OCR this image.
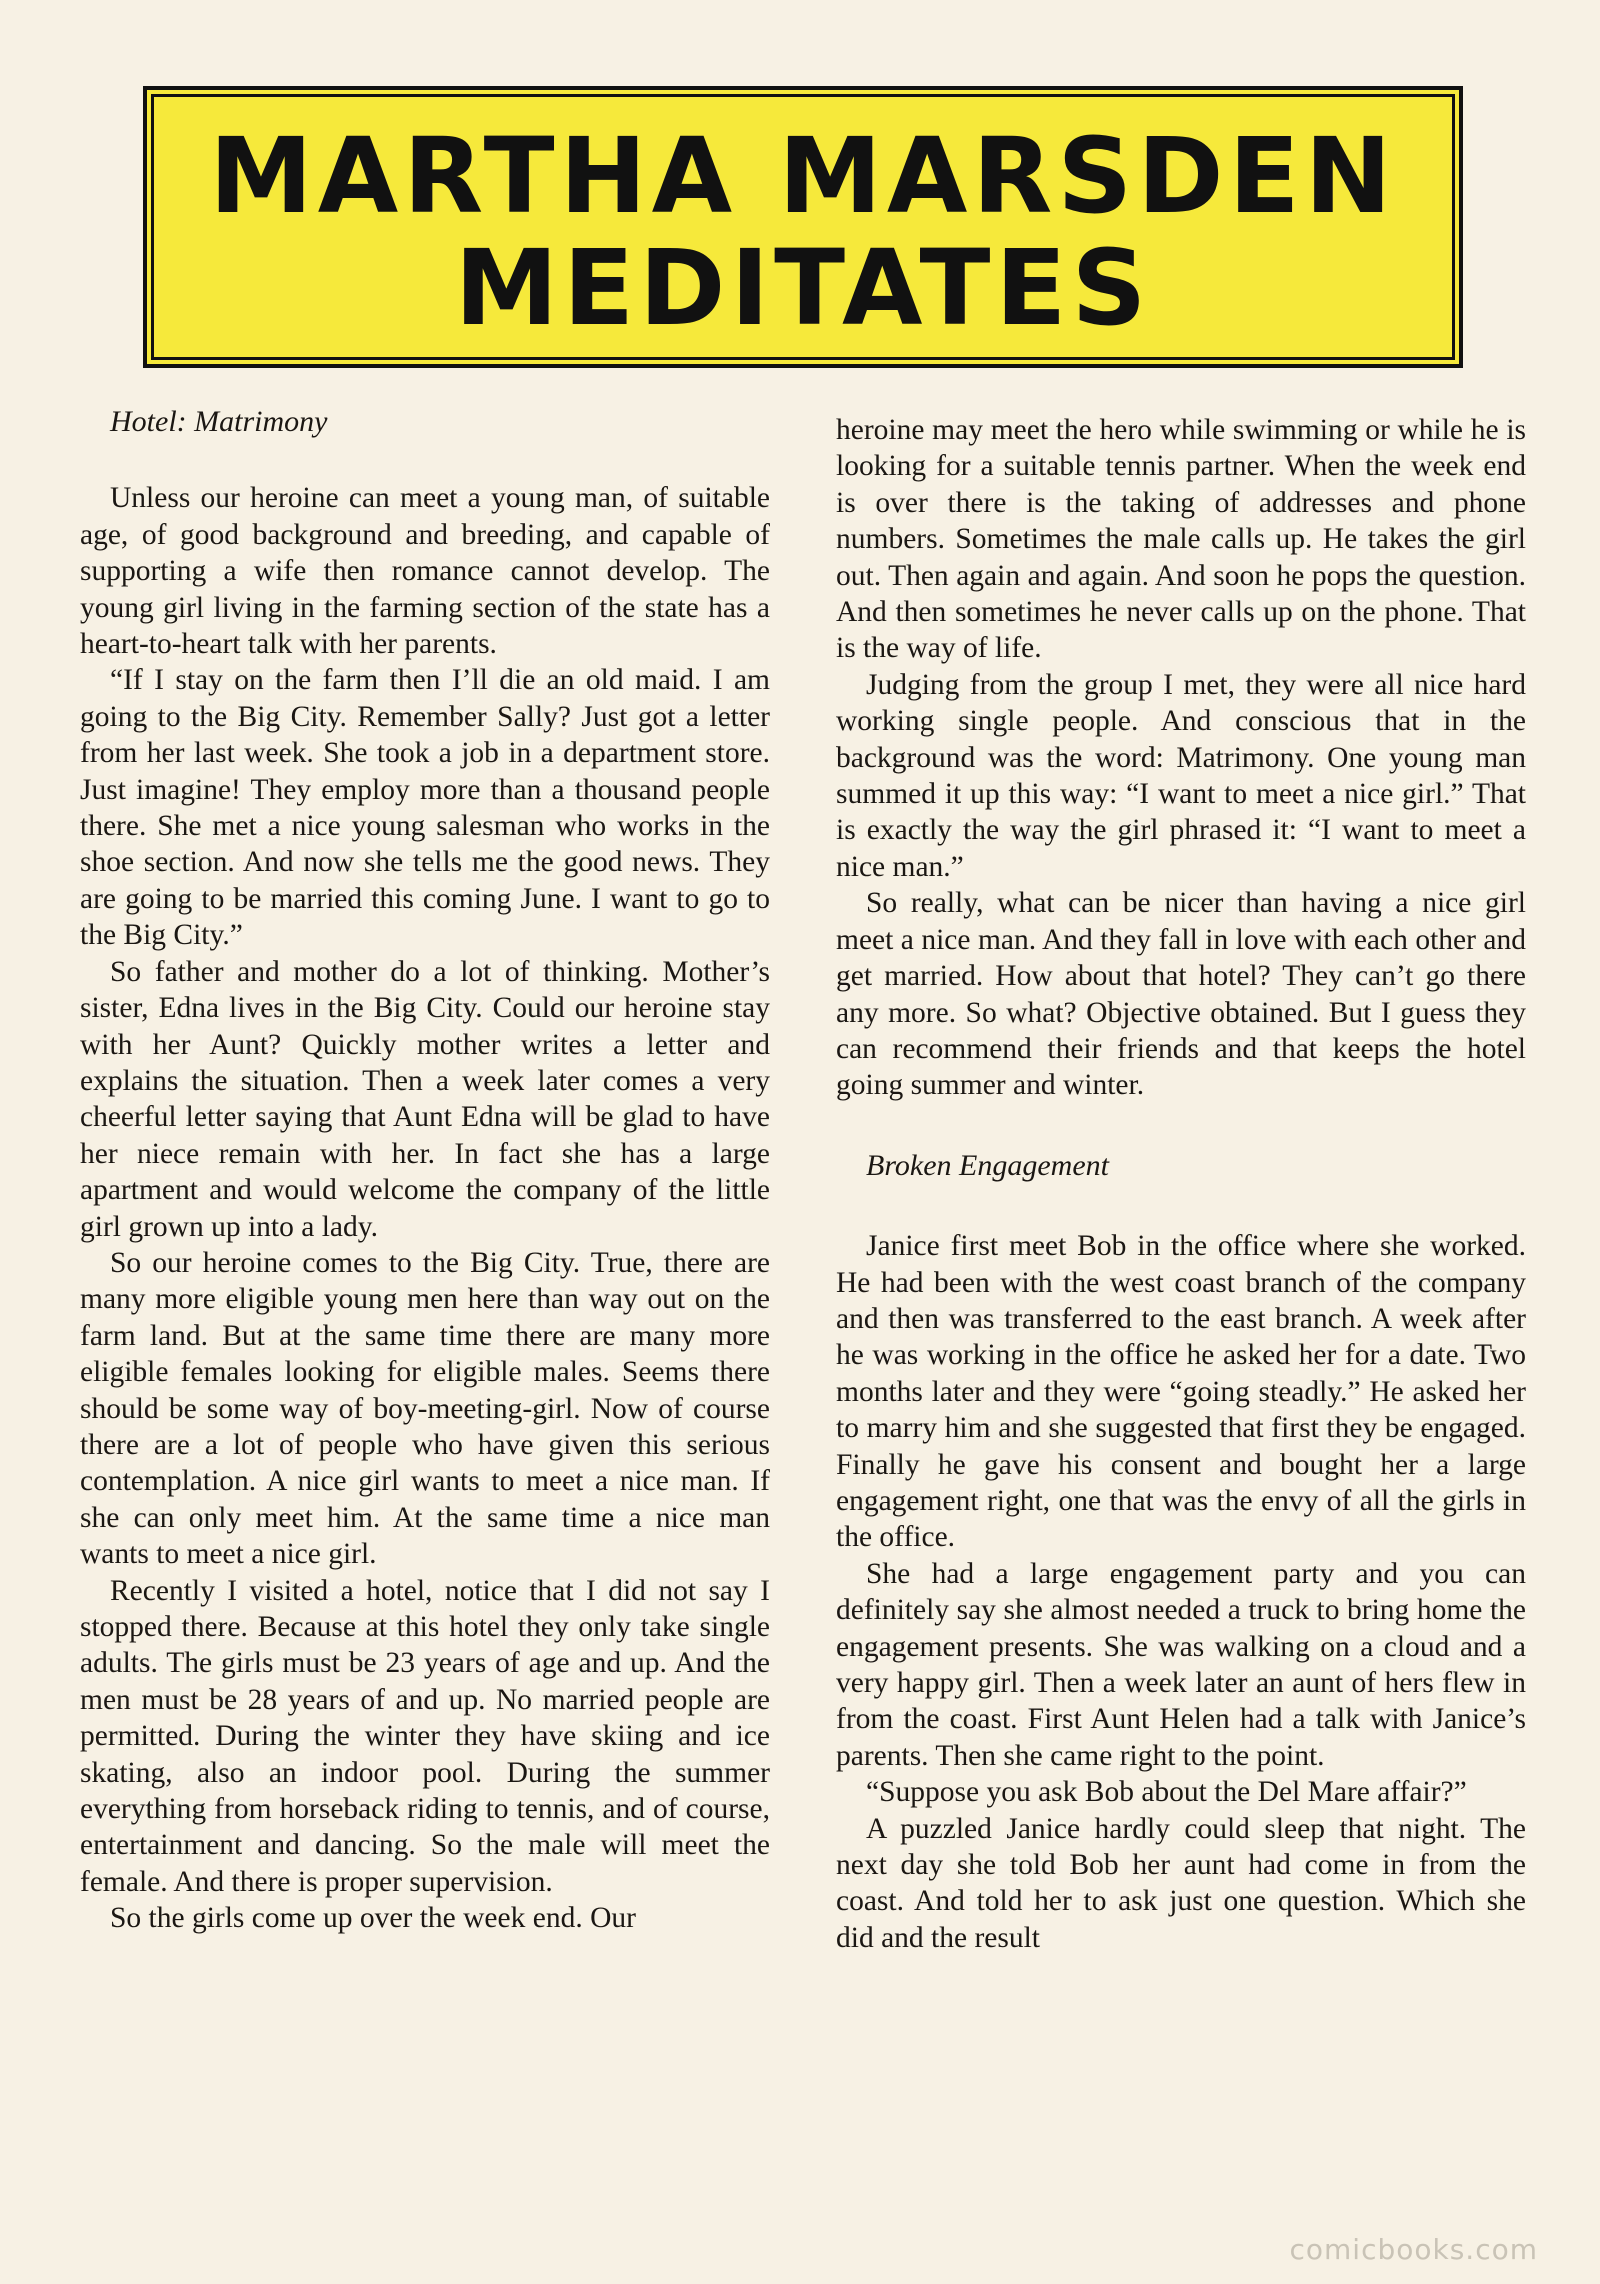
MARTHA MARSDEN
MEDITATES

Hotel: Matrimony

Unless our heroine can meet a young man, of suitable age, of good background and breeding, and capable of supporting a wife then romance cannot develop. The young girl living in the farming section of the state has a heart-to-heart talk with her parents.

“If I stay on the farm then I’ll die an old maid. I am going to the Big City. Remember Sally? Just got a letter from her last week. She took a job in a department store. Just imagine! They employ more than a thousand people there. She met a nice young salesman who works in the shoe section. And now she tells me the good news. They are going to be married this coming June. I want to go to the Big City.”

So father and mother do a lot of thinking. Mother’s sister, Edna lives in the Big City. Could our heroine stay with her Aunt? Quickly mother writes a letter and explains the situation. Then a week later comes a very cheerful letter saying that Aunt Edna will be glad to have her niece remain with her. In fact she has a large apartment and would welcome the company of the little girl grown up into a lady.

So our heroine comes to the Big City. True, there are many more eligible young men here than way out on the farm land. But at the same time there are many more eligible females looking for eligible males. Seems there should be some way of boy-meeting-girl. Now of course there are a lot of people who have given this serious contemplation. A nice girl wants to meet a nice man. If she can only meet him. At the same time a nice man wants to meet a nice girl.

Recently I visited a hotel, notice that I did not say I stopped there. Because at this hotel they only take single adults. The girls must be 23 years of age and up. And the men must be 28 years of and up. No married people are permitted. During the winter they have skiing and ice skating, also an indoor pool. During the summer everything from horseback riding to tennis, and of course, entertainment and dancing. So the male will meet the female. And there is proper supervision.

So the girls come up over the week end. Our

heroine may meet the hero while swimming or while he is looking for a suitable tennis partner. When the week end is over there is the taking of addresses and phone numbers. Sometimes the male calls up. He takes the girl out. Then again and again. And soon he pops the question. And then sometimes he never calls up on the phone. That is the way of life.

Judging from the group I met, they were all nice hard working single people. And conscious that in the background was the word: Matrimony. One young man summed it up this way: “I want to meet a nice girl.” That is exactly the way the girl phrased it: “I want to meet a nice man.”

So really, what can be nicer than having a nice girl meet a nice man. And they fall in love with each other and get married. How about that hotel? They can’t go there any more. So what? Objective obtained. But I guess they can recommend their friends and that keeps the hotel going summer and winter.

Broken Engagement

Janice first meet Bob in the office where she worked. He had been with the west coast branch of the company and then was transferred to the east branch. A week after he was working in the office he asked her for a date. Two months later and they were “going steadly.” He asked her to marry him and she suggested that first they be engaged. Finally he gave his consent and bought her a large engagement right, one that was the envy of all the girls in the office.

She had a large engagement party and you can definitely say she almost needed a truck to bring home the engagement presents. She was walking on a cloud and a very happy girl. Then a week later an aunt of hers flew in from the coast. First Aunt Helen had a talk with Janice’s parents. Then she came right to the point.

“Suppose you ask Bob about the Del Mare affair?”

A puzzled Janice hardly could sleep that night. The next day she told Bob her aunt had come in from the coast. And told her to ask just one question. Which she did and the result

comicbooks.com
